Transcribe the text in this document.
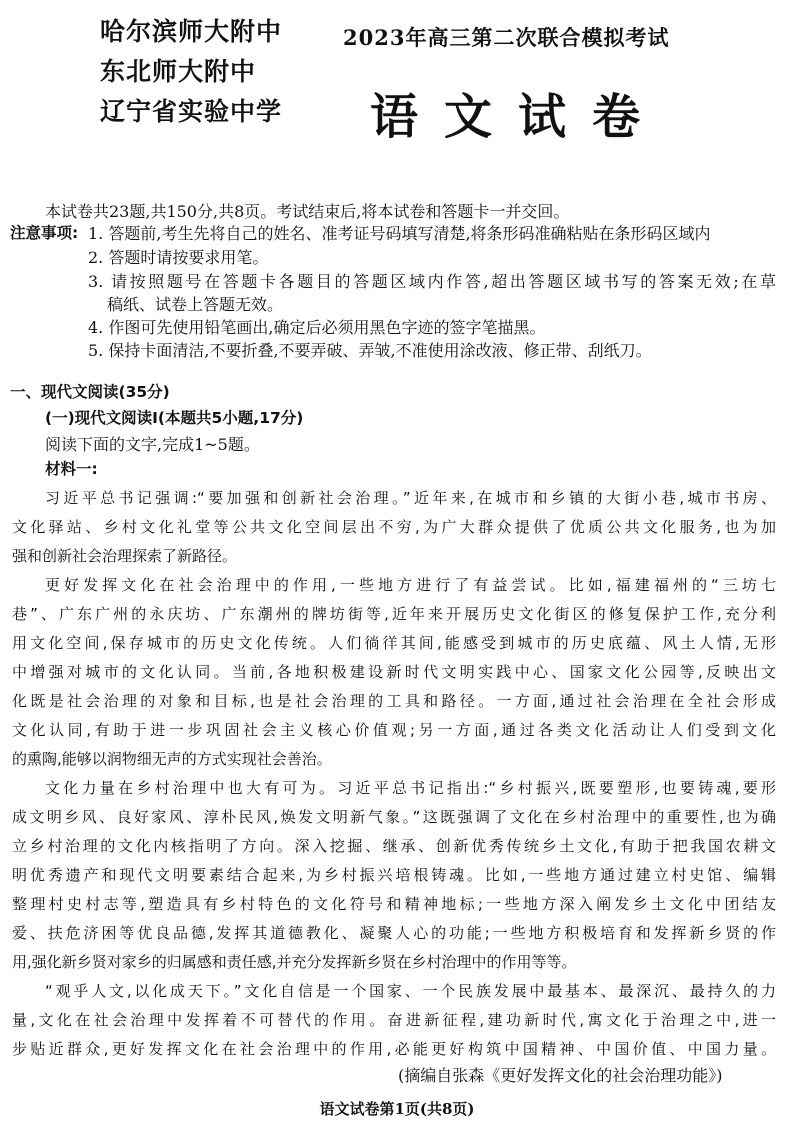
哈尔滨师大附中
东北师大附中
辽宁省实验中学
2023年高三第二次联合模拟考试
语文试卷
本试卷共23题,共150分,共8页。考试结束后,将本试卷和答题卡一并交回。
注意事项: 1. 答题前,考生先将自己的姓名、准考证号码填写清楚,将条形码准确粘贴在条形码区域内
2. 答题时请按要求用笔。
3. 请按照题号在答题卡各题目的答题区域内作答,超出答题区域书写的答案无效;在草
稿纸、试卷上答题无效。
4. 作图可先使用铅笔画出,确定后必须用黑色字迹的签字笔描黑。
5. 保持卡面清洁,不要折叠,不要弄破、弄皱,不准使用涂改液、修正带、刮纸刀。
一、现代文阅读(35分)
(一)现代文阅读Ⅰ(本题共5小题,17分)
阅读下面的文字,完成1~5题。
材料一:
习近平总书记强调:“要加强和创新社会治理。”近年来,在城市和乡镇的大街小巷,城市书房、
文化驿站、乡村文化礼堂等公共文化空间层出不穷,为广大群众提供了优质公共文化服务,也为加
强和创新社会治理探索了新路径。
更好发挥文化在社会治理中的作用,一些地方进行了有益尝试。比如,福建福州的“三坊七
巷”、广东广州的永庆坊、广东潮州的牌坊街等,近年来开展历史文化街区的修复保护工作,充分利
用文化空间,保存城市的历史文化传统。人们徜徉其间,能感受到城市的历史底蕴、风土人情,无形
中增强对城市的文化认同。当前,各地积极建设新时代文明实践中心、国家文化公园等,反映出文
化既是社会治理的对象和目标,也是社会治理的工具和路径。一方面,通过社会治理在全社会形成
文化认同,有助于进一步巩固社会主义核心价值观;另一方面,通过各类文化活动让人们受到文化
的熏陶,能够以润物细无声的方式实现社会善治。
文化力量在乡村治理中也大有可为。习近平总书记指出:“乡村振兴,既要塑形,也要铸魂,要形
成文明乡风、良好家风、淳朴民风,焕发文明新气象。”这既强调了文化在乡村治理中的重要性,也为确
立乡村治理的文化内核指明了方向。深入挖掘、继承、创新优秀传统乡土文化,有助于把我国农耕文
明优秀遗产和现代文明要素结合起来,为乡村振兴培根铸魂。比如,一些地方通过建立村史馆、编辑
整理村史村志等,塑造具有乡村特色的文化符号和精神地标;一些地方深入阐发乡土文化中团结友
爱、扶危济困等优良品德,发挥其道德教化、凝聚人心的功能;一些地方积极培育和发挥新乡贤的作
用,强化新乡贤对家乡的归属感和责任感,并充分发挥新乡贤在乡村治理中的作用等等。
“观乎人文,以化成天下。”文化自信是一个国家、一个民族发展中最基本、最深沉、最持久的力
量,文化在社会治理中发挥着不可替代的作用。奋进新征程,建功新时代,寓文化于治理之中,进一
步贴近群众,更好发挥文化在社会治理中的作用,必能更好构筑中国精神、中国价值、中国力量。
(摘编自张森《更好发挥文化的社会治理功能》)
语文试卷第1页(共8页)
